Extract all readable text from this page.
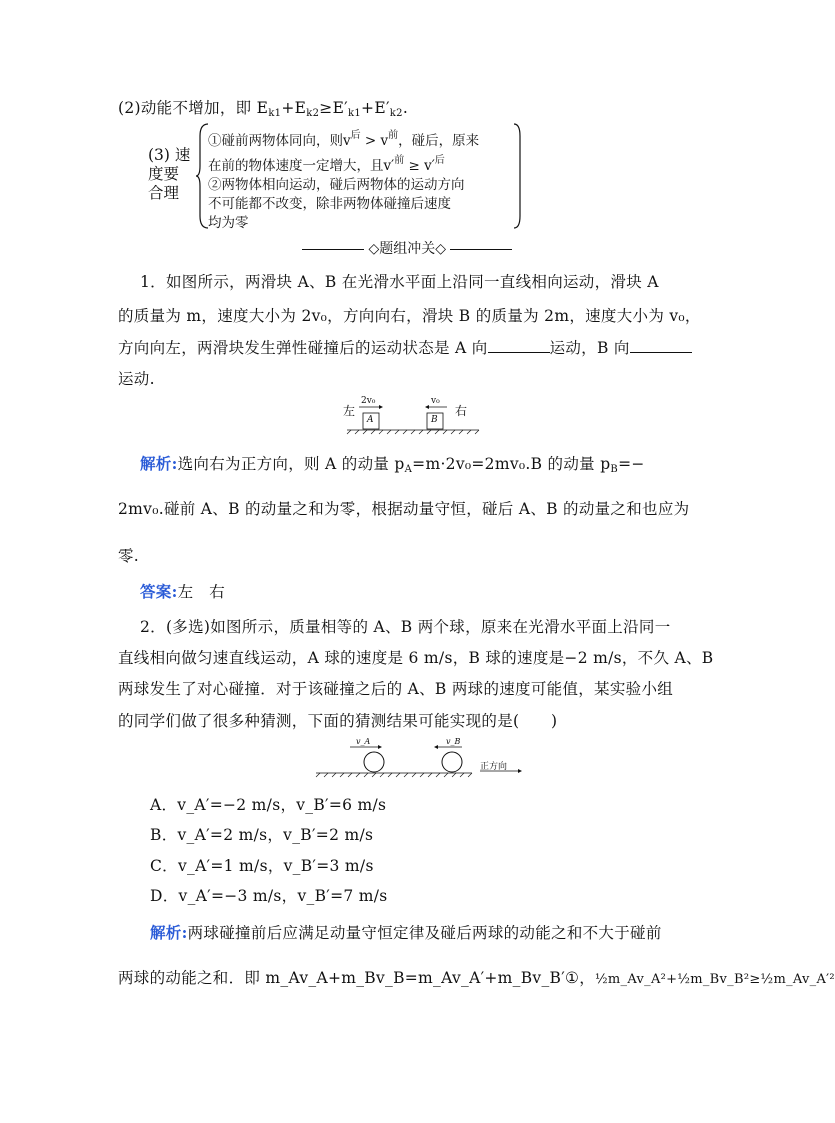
(2)动能不增加，即 $E_{k1}+E_{k2}\ge E'_{k1}+E'_{k2}$.
(3) 速
度要
合理
①碰前两物体同向，则$v^后 > v^前$，碰后，原来
在前的物体速度一定增大，且$v'^前 \ge v'^后$
②两物体相向运动，碰后两物体的运动方向
不可能都不改变，除非两物体碰撞后速度
均为零
◇题组冲关◇
1．如图所示，两滑块 A、B 在光滑水平面上沿同一直线相向运动，滑块 A
的质量为 m，速度大小为 2v₀，方向向右，滑块 B 的质量为 2m，速度大小为 v₀，
方向向左，两滑块发生弹性碰撞后的运动状态是 A 向	运动，B 向
运动.
左	右
2v₀	v₀
A	B
解析:选向右为正方向，则 A 的动量 $p_A=m\cdot 2v_0=2mv_0.B$ 的动量 $p_B=-$
2mv₀.碰前 A、B 的动量之和为零，根据动量守恒，碰后 A、B 的动量之和也应为
零.
答案:左　右
2．(多选)如图所示，质量相等的 A、B 两个球，原来在光滑水平面上沿同一
直线相向做匀速直线运动，A 球的速度是 6 m/s，B 球的速度是−2 m/s，不久 A、B
两球发生了对心碰撞．对于该碰撞之后的 A、B 两球的速度可能值，某实验小组
的同学们做了很多种猜测，下面的猜测结果可能实现的是(　　)
v_A	v_B
正方向
A．v_A′=−2 m/s，v_B′=6 m/s
B．v_A′=2 m/s，v_B′=2 m/s
C．v_A′=1 m/s，v_B′=3 m/s
D．v_A′=−3 m/s，v_B′=7 m/s
解析:两球碰撞前后应满足动量守恒定律及碰后两球的动能之和不大于碰前
两球的动能之和．即 m_Av_A+m_Bv_B=m_Av_A′+m_Bv_B′①，½m_Av_A²+½m_Bv_B²≥½m_Av_A′²
